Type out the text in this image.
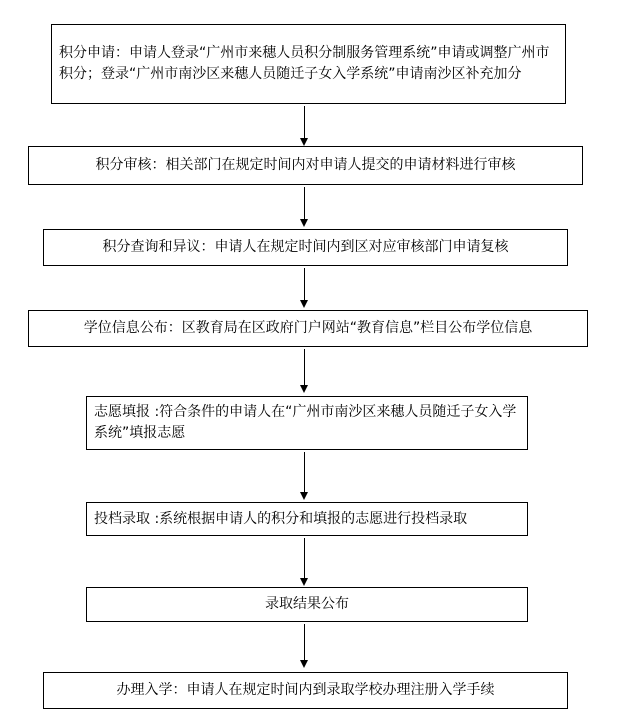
积分申请：申请人登录“广州市来穗人员积分制服务管理系统”申请或调整广州市积分；登录“广州市南沙区来穗人员随迁子女入学系统”申请南沙区补充加分
积分审核：相关部门在规定时间内对申请人提交的申请材料进行审核
积分查询和异议：申请人在规定时间内到区对应审核部门申请复核
学位信息公布：区教育局在区政府门户网站“教育信息”栏目公布学位信息
志愿填报 :符合条件的申请人在“广州市南沙区来穗人员随迁子女入学系统”填报志愿
投档录取 :系统根据申请人的积分和填报的志愿进行投档录取
录取结果公布
办理入学：申请人在规定时间内到录取学校办理注册入学手续
